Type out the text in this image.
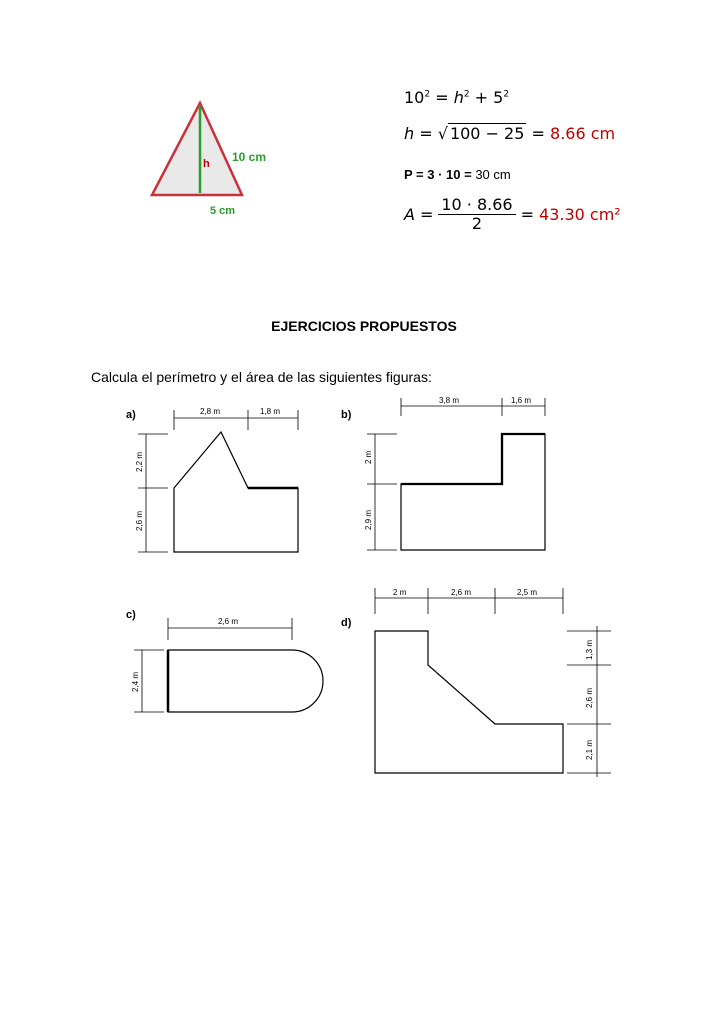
h 10 cm
5 cm
$10^2 = h^2 + 5^2$
h = √ 100 − 25 = 8.66 cm
P = 3 · 10 = 30 cm
$A = \frac{10 \cdot 8.66}{2} = 43.30$ cm²
EJERCICIOS PROPUESTOS
Calcula el perímetro y el área de las siguientes figuras:
a)	2,8 m	1,8 m
2,2 m
2,6 m
b)
3,8 m	1,6 m
2 m
2,9 m
c)
2,6 m
2,4 m
d)
2 m	2,6 m	2,5 m
1,3 m
2,6 m
2,1 m
